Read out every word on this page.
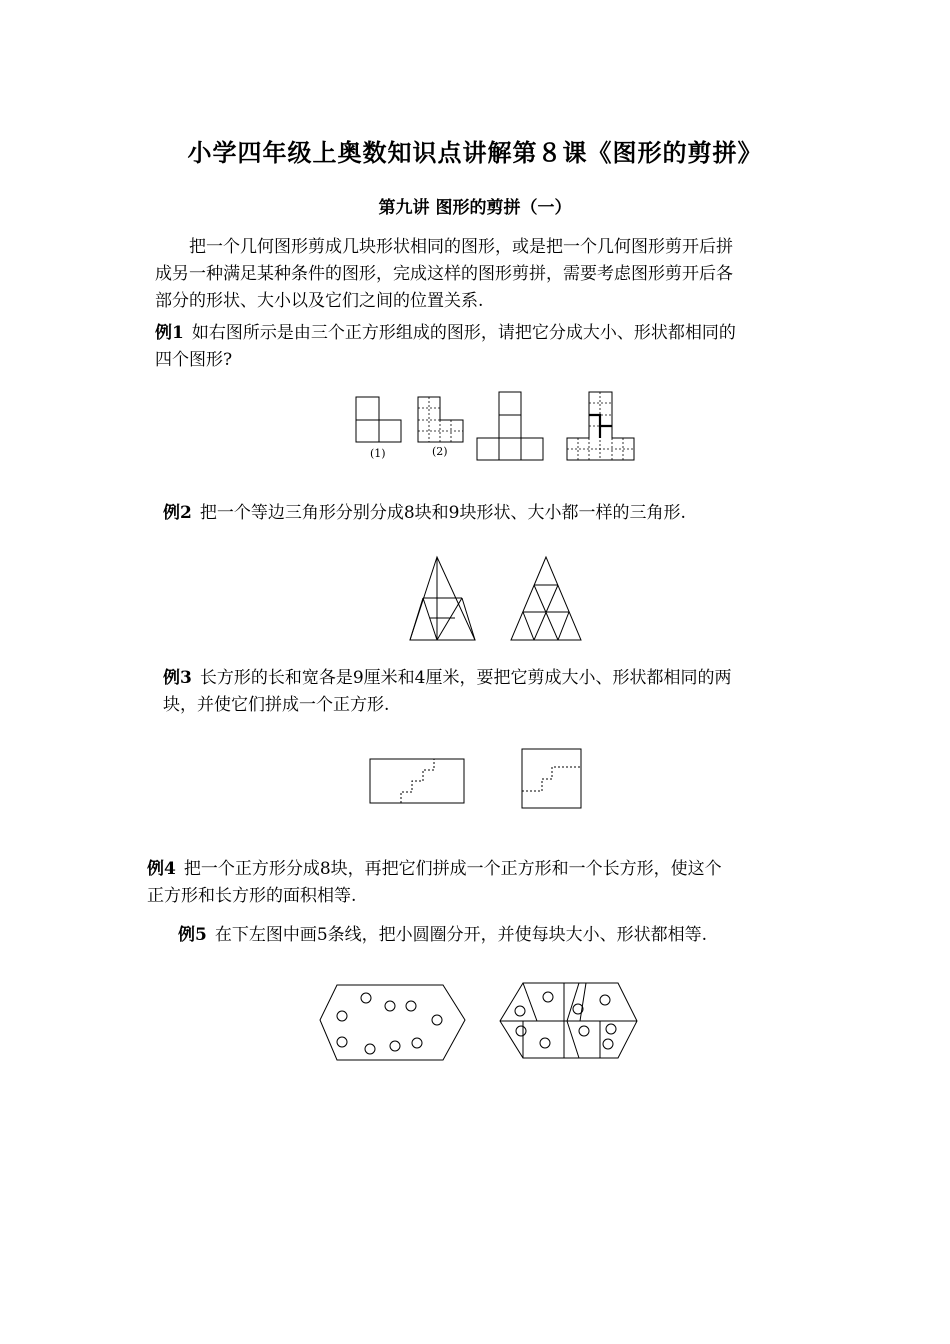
小学四年级上奥数知识点讲解第８课《图形的剪拼》
第九讲 图形的剪拼（一）
把一个几何图形剪成几块形状相同的图形，或是把一个几何图形剪开后拼
成另一种满足某种条件的图形，完成这样的图形剪拼，需要考虑图形剪开后各
部分的形状、大小以及它们之间的位置关系.
例1 如右图所示是由三个正方形组成的图形，请把它分成大小、形状都相同的
四个图形?
(1)	(2)
例2 把一个等边三角形分别分成8块和9块形状、大小都一样的三角形.
例3 长方形的长和宽各是9厘米和4厘米，要把它剪成大小、形状都相同的两
块，并使它们拼成一个正方形.
例4 把一个正方形分成8块，再把它们拼成一个正方形和一个长方形，使这个
正方形和长方形的面积相等.
例5 在下左图中画5条线，把小圆圈分开，并使每块大小、形状都相等.
